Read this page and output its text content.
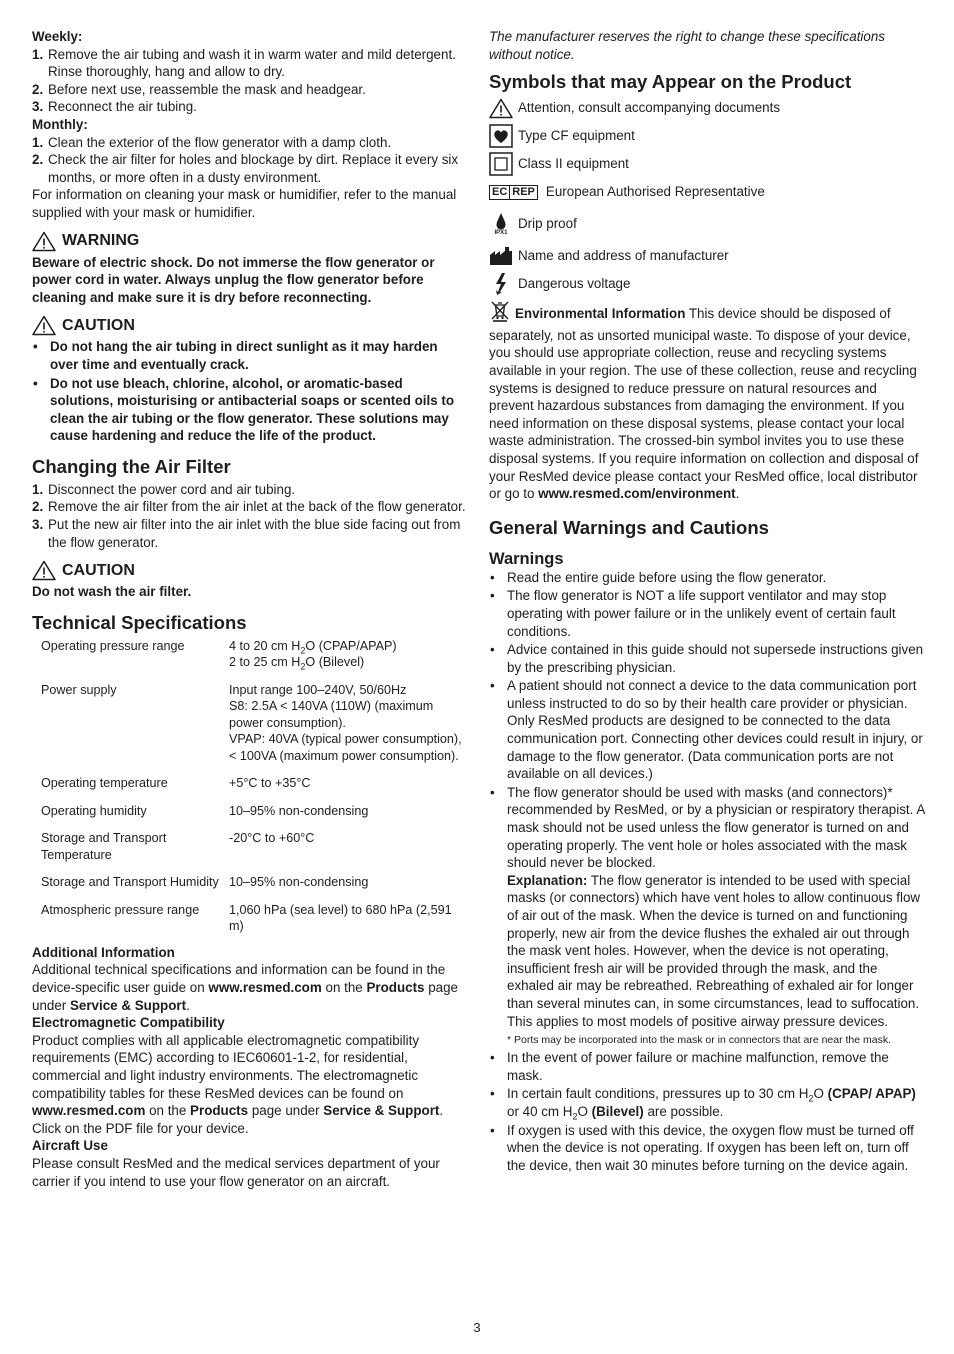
Weekly:

1. Remove the air tubing and wash it in warm water and mild detergent. Rinse thoroughly, hang and allow to dry.
2. Before next use, reassemble the mask and headgear.
3. Reconnect the air tubing.

Monthly:

1. Clean the exterior of the flow generator with a damp cloth.
2. Check the air filter for holes and blockage by dirt. Replace it every six months, or more often in a dusty environment.

For information on cleaning your mask or humidifier, refer to the manual supplied with your mask or humidifier.

WARNING

Beware of electric shock. Do not immerse the flow generator or power cord in water. Always unplug the flow generator before cleaning and make sure it is dry before reconnecting.

CAUTION
• Do not hang the air tubing in direct sunlight as it may harden over time and eventually crack.
• Do not use bleach, chlorine, alcohol, or aromatic-based solutions, moisturising or antibacterial soaps or scented oils to clean the air tubing or the flow generator. These solutions may cause hardening and reduce the life of the product.
Changing the Air Filter
1. Disconnect the power cord and air tubing.
2. Remove the air filter from the air inlet at the back of the flow generator.
3. Put the new air filter into the air inlet with the blue side facing out from the flow generator.
CAUTION

Do not wash the air filter.

Technical Specifications
Operating pressure range	4 to 20 cm $H_2O$ (CPAP/APAP)
2 to 25 cm $H_2O$ (Bilevel)

Power supply	Input range 100–240V, 50/60Hz
S8: 2.5A < 140VA (110W) (maximum power consumption).
VPAP: 40VA (typical power consumption), < 100VA (maximum power consumption).
Operating temperature	+5°C to +35°C
Operating humidity	10–95% non-condensing
Storage and Transport Temperature	-20°C to +60°C
Storage and Transport Humidity	10–95% non-condensing
Atmospheric pressure range	1,060 hPa (sea level) to 680 hPa (2,591 m)

Additional Information

Additional technical specifications and information can be found in the device-specific user guide on www.resmed.com on the Products page under Service & Support.

Electromagnetic Compatibility

Product complies with all applicable electromagnetic compatibility requirements (EMC) according to IEC60601-1-2, for residential, commercial and light industry environments. The electromagnetic compatibility tables for these ResMed devices can be found on www.resmed.com on the Products page under Service & Support. Click on the PDF file for your device.

Aircraft Use

Please consult ResMed and the medical services department of your carrier if you intend to use your flow generator on an aircraft.

The manufacturer reserves the right to change these specifications without notice.

Symbols that may Appear on the Product
Attention, consult accompanying documents
Type CF equipment
Class II equipment
EC REP European Authorised Representative
IPX1
Drip proof
Name and address of manufacturer
Dangerous voltage

Environmental Information This device should be disposed of separately, not as unsorted municipal waste. To dispose of your device, you should use appropriate collection, reuse and recycling systems available in your region. The use of these collection, reuse and recycling systems is designed to reduce pressure on natural resources and prevent hazardous substances from damaging the environment. If you need information on these disposal systems, please contact your local waste administration. The crossed-bin symbol invites you to use these disposal systems. If you require information on collection and disposal of your ResMed device please contact your ResMed office, local distributor or go to www.resmed.com/environment.

General Warnings and Cautions
Warnings
• Read the entire guide before using the flow generator.
• The flow generator is NOT a life support ventilator and may stop operating with power failure or in the unlikely event of certain fault conditions.
• Advice contained in this guide should not supersede instructions given by the prescribing physician.
• A patient should not connect a device to the data communication port unless instructed to do so by their health care provider or physician. Only ResMed products are designed to be connected to the data communication port. Connecting other devices could result in injury, or damage to the flow generator. (Data communication ports are not available on all devices.)
• The flow generator should be used with masks (and connectors)* recommended by ResMed, or by a physician or respiratory therapist. A mask should not be used unless the flow generator is turned on and operating properly. The vent hole or holes associated with the mask should never be blocked.
Explanation: The flow generator is intended to be used with special masks (or connectors) which have vent holes to allow continuous flow of air out of the mask. When the device is turned on and functioning properly, new air from the device flushes the exhaled air out through the mask vent holes. However, when the device is not operating, insufficient fresh air will be provided through the mask, and the exhaled air may be rebreathed. Rebreathing of exhaled air for longer than several minutes can, in some circumstances, lead to suffocation. This applies to most models of positive airway pressure devices.
* Ports may be incorporated into the mask or in connectors that are near the mask.
• In the event of power failure or machine malfunction, remove the mask.
• In certain fault conditions, pressures up to 30 cm $H_2O$ (CPAP/ APAP) or 40 cm $H_2O$ (Bilevel) are possible.
• If oxygen is used with this device, the oxygen flow must be turned off when the device is not operating. If oxygen has been left on, turn off the device, then wait 30 minutes before turning on the device again.
3
